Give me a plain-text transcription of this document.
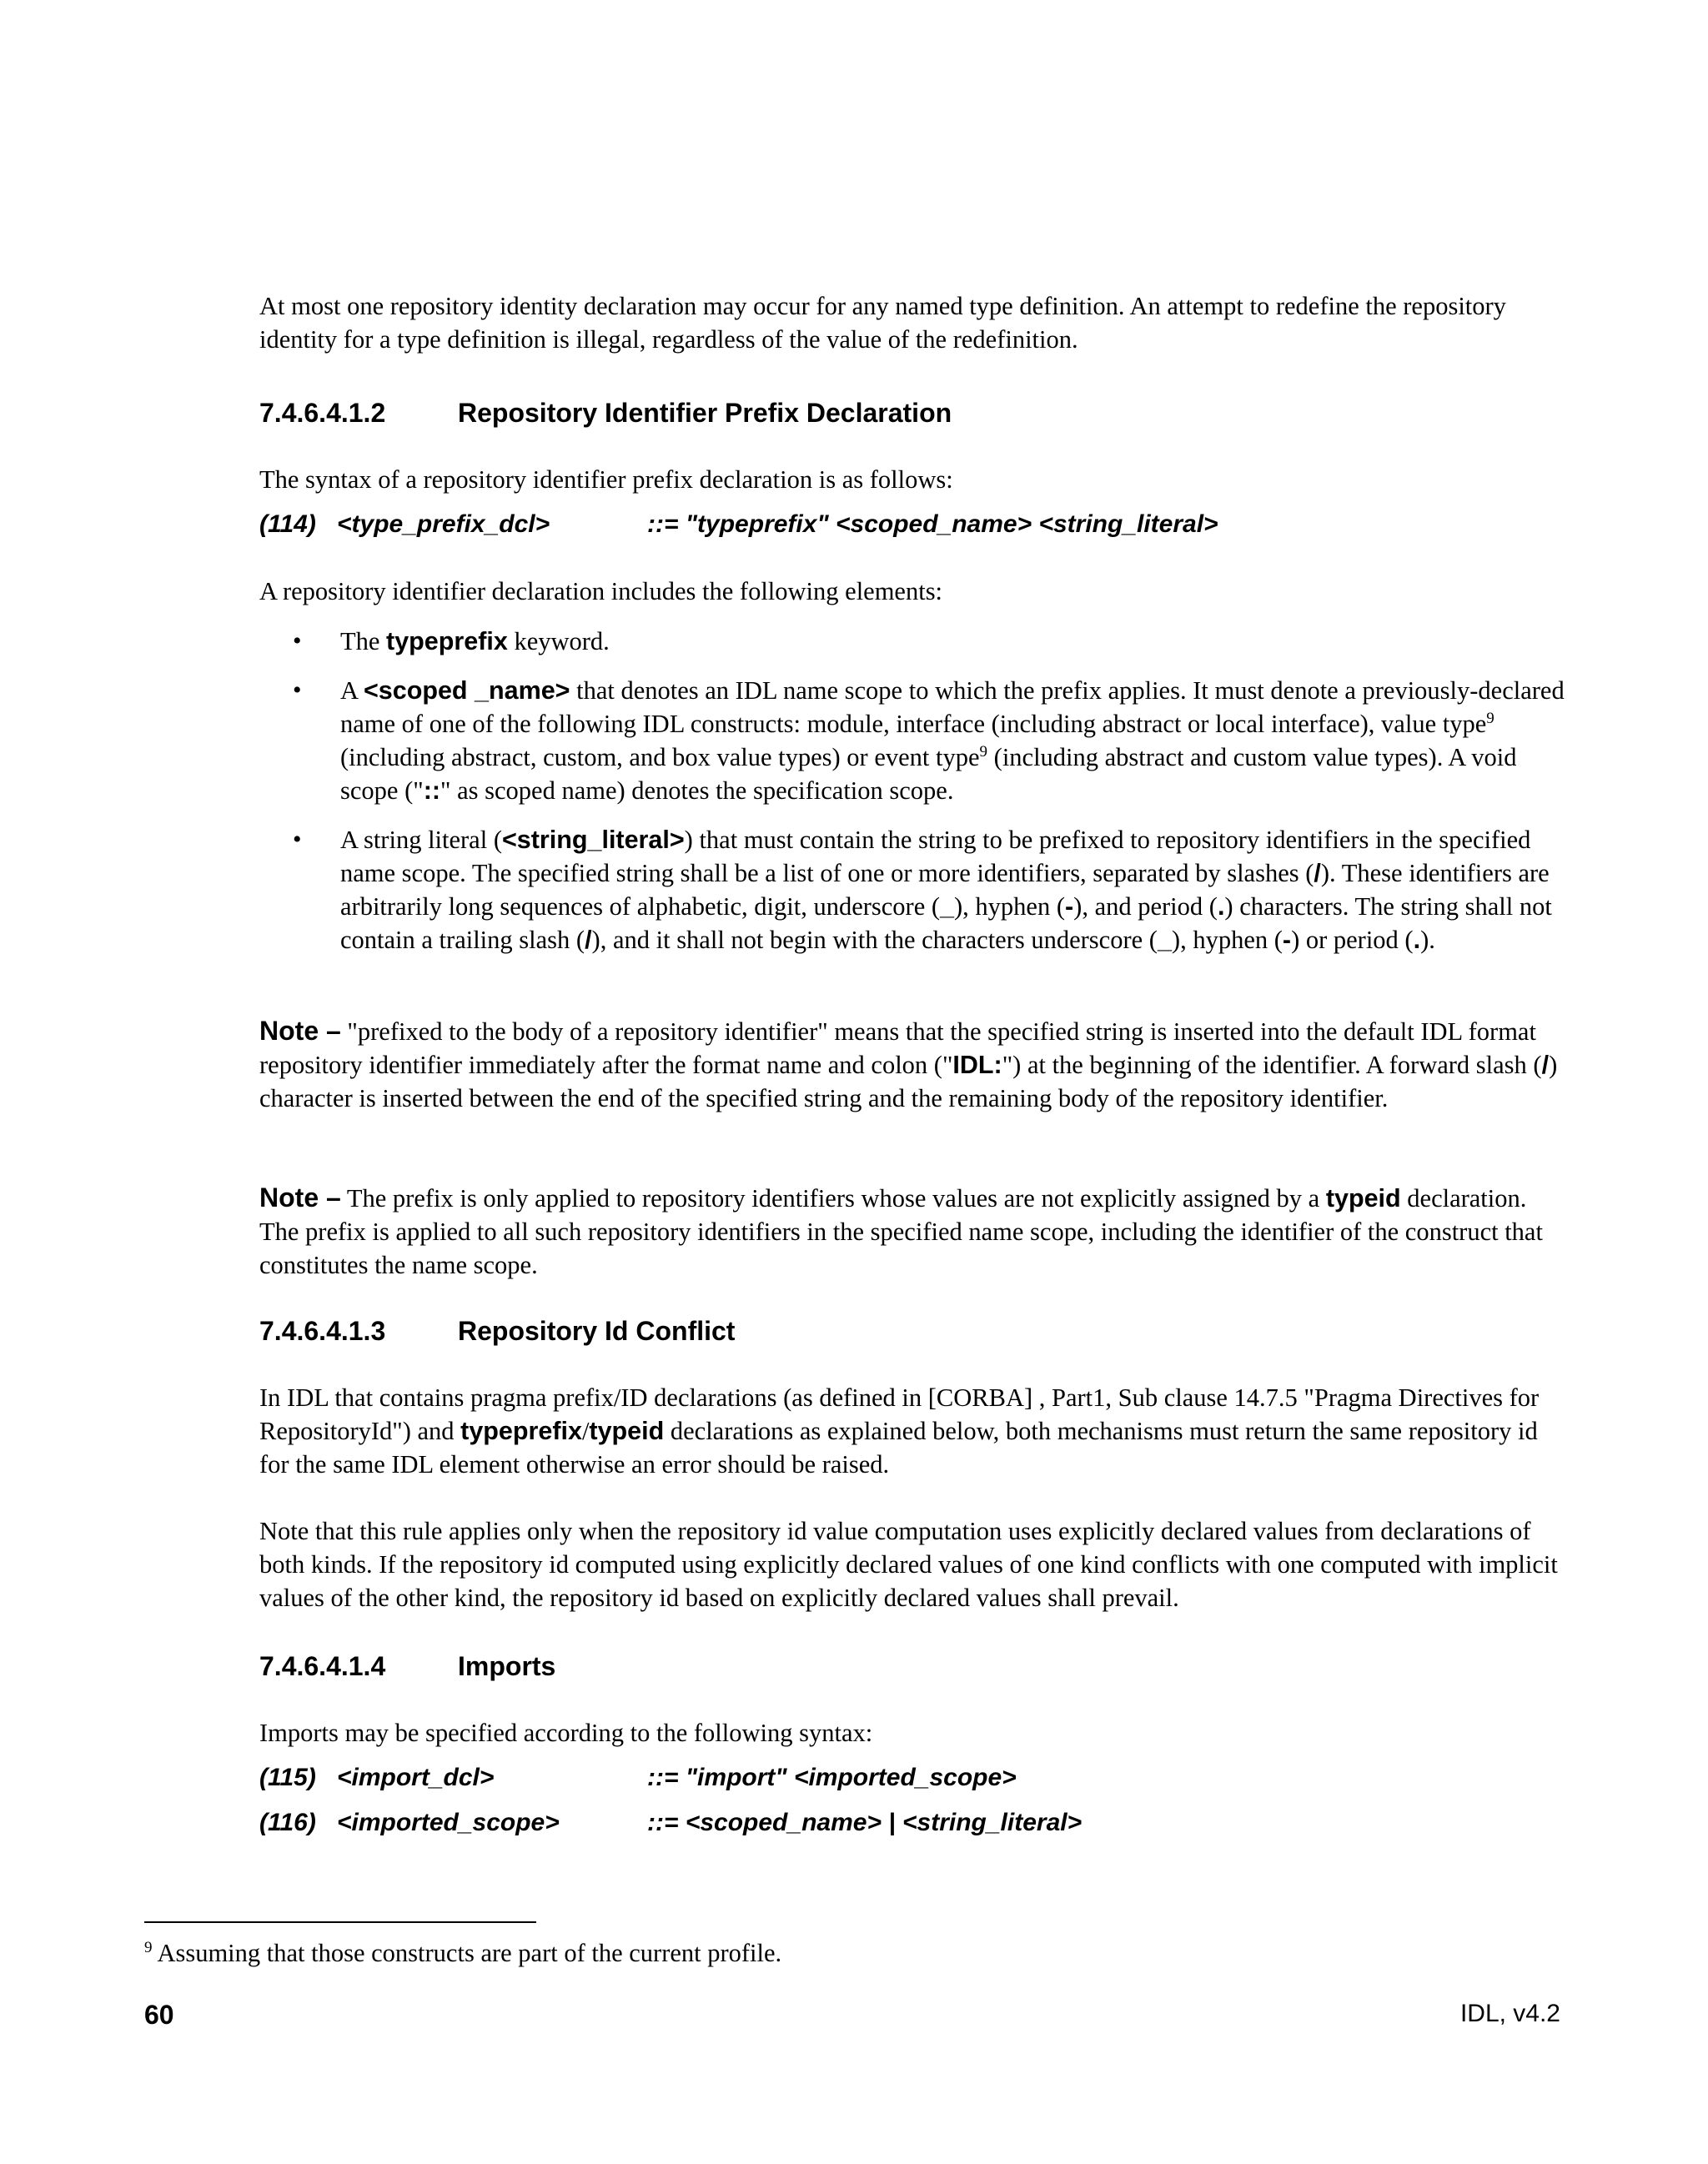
At most one repository identity declaration may occur for any named type definition. An attempt to redefine the repository identity for a type definition is illegal, regardless of the value of the redefinition.

7.4.6.4.1.2	Repository Identifier Prefix Declaration

The syntax of a repository identifier prefix declaration is as follows:

(114) <type_prefix_dcl>	::= "typeprefix" <scoped_name> <string_literal>

A repository identifier declaration includes the following elements:

• The typeprefix keyword.
• A <scoped _name> that denotes an IDL name scope to which the prefix applies. It must denote a previously-declared name of one of the following IDL constructs: module, interface (including abstract or local interface), value type$^9$ (including abstract, custom, and box value types) or event type$^9$ (including abstract and custom value types). A void scope ("::" as scoped name) denotes the specification scope.
• A string literal (<string_literal>) that must contain the string to be prefixed to repository identifiers in the specified name scope. The specified string shall be a list of one or more identifiers, separated by slashes (/). These identifiers are arbitrarily long sequences of alphabetic, digit, underscore (_), hyphen (-), and period (.) characters. The string shall not contain a trailing slash (/), and it shall not begin with the characters underscore (_), hyphen (-) or period (.).

Note – "prefixed to the body of a repository identifier" means that the specified string is inserted into the default IDL format repository identifier immediately after the format name and colon ("IDL:") at the beginning of the identifier. A forward slash (/) character is inserted between the end of the specified string and the remaining body of the repository identifier.

Note – The prefix is only applied to repository identifiers whose values are not explicitly assigned by a typeid declaration. The prefix is applied to all such repository identifiers in the specified name scope, including the identifier of the construct that constitutes the name scope.

7.4.6.4.1.3	Repository Id Conflict

In IDL that contains pragma prefix/ID declarations (as defined in [CORBA] , Part1, Sub clause 14.7.5 "Pragma Directives for RepositoryId") and typeprefix/typeid declarations as explained below, both mechanisms must return the same repository id for the same IDL element otherwise an error should be raised.

Note that this rule applies only when the repository id value computation uses explicitly declared values from declarations of both kinds. If the repository id computed using explicitly declared values of one kind conflicts with one computed with implicit values of the other kind, the repository id based on explicitly declared values shall prevail.

7.4.6.4.1.4	Imports

Imports may be specified according to the following syntax:

(115) <import_dcl>	::= "import" <imported_scope>

(116) <imported_scope>	::= <scoped_name> | <string_literal>

$^9$ Assuming that those constructs are part of the current profile.

60	IDL, v4.2
